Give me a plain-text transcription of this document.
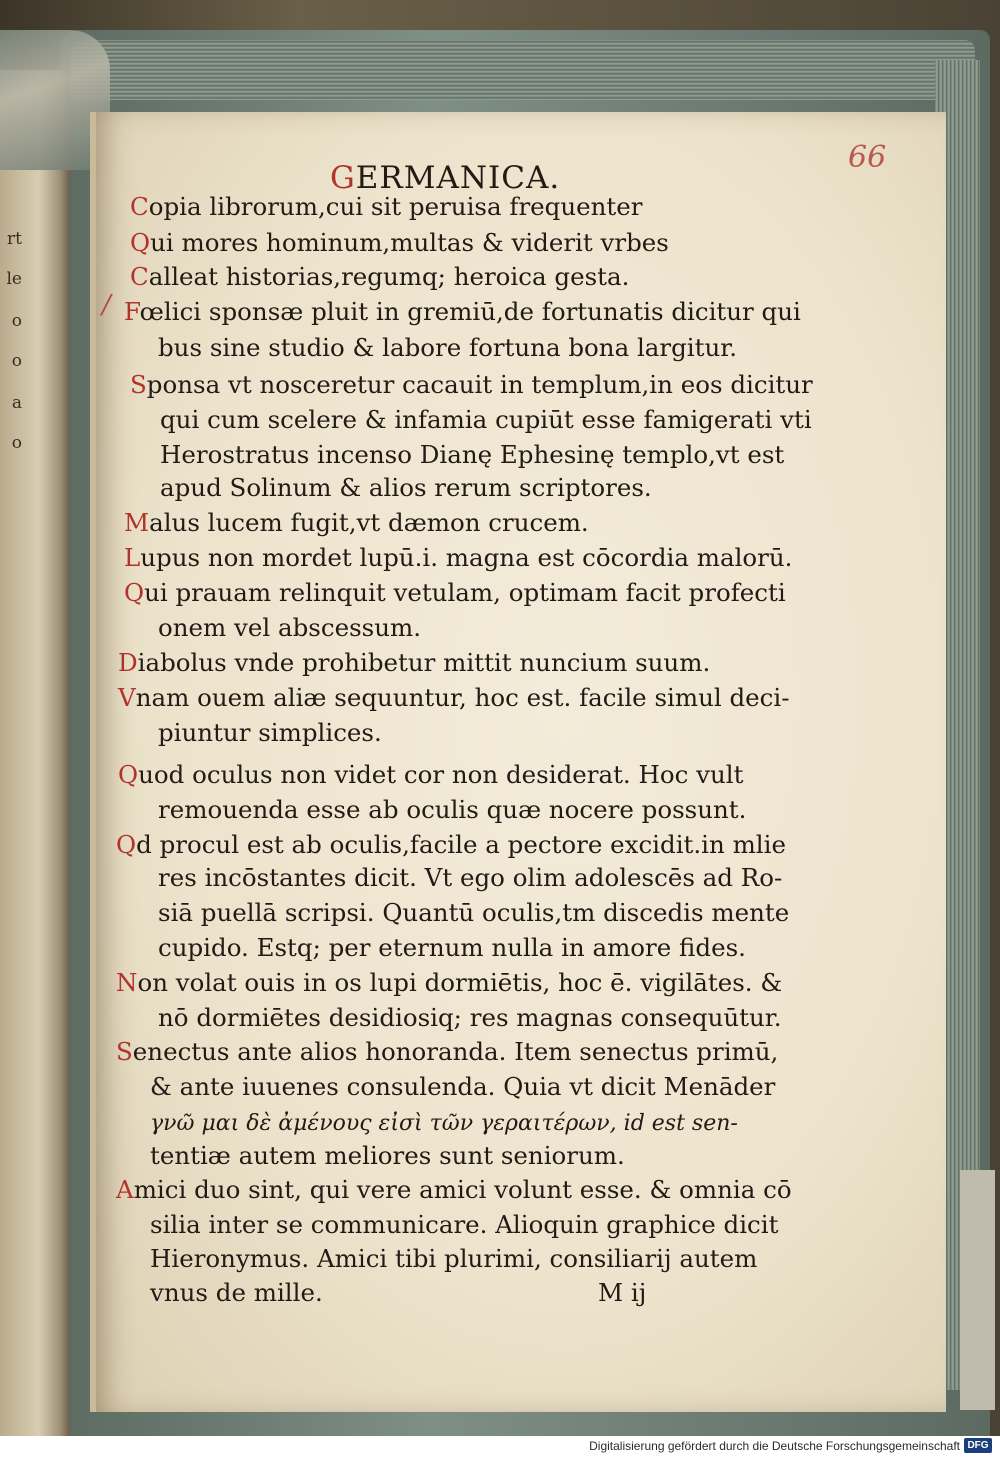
rt
le
o
o
a
o
66
GERMANICA.
/
Copia librorum,cui sit peruisa frequenter
Qui mores hominum,multas & viderit vrbes
Calleat historias,regumq; heroica gesta.
Fœlici sponsæ pluit in gremiū,de fortunatis dicitur qui
bus sine studio & labore fortuna bona largitur.
Sponsa vt nosceretur cacauit in templum,in eos dicitur
qui cum scelere & infamia cupiūt esse famigerati vti
Herostratus incenso Dianę Ephesinę templo,vt est
apud Solinum & alios rerum scriptores.
Malus lucem fugit,vt dæmon crucem.
Lupus non mordet lupū.i. magna est cōcordia malorū.
Qui prauam relinquit vetulam, optimam facit profecti
onem vel abscessum.
Diabolus vnde prohibetur mittit nuncium suum.
Vnam ouem aliæ sequuntur, hoc est. facile simul deci-
piuntur simplices.
Quod oculus non videt cor non desiderat. Hoc vult
remouenda esse ab oculis quæ nocere possunt.
Qd procul est ab oculis,facile a pectore excidit.in mlie
res incōstantes dicit. Vt ego olim adolescēs ad Ro-
siā puellā scripsi. Quantū oculis,tm discedis mente
cupido. Estq; per eternum nulla in amore fides.
Non volat ouis in os lupi dormiētis, hoc ē. vigilātes. &
nō dormiētes desidiosiq; res magnas consequūtur.
Senectus ante alios honoranda. Item senectus primū,
& ante iuuenes consulenda. Quia vt dicit Menāder
γνῶ μαι δὲ ἀμένους εἰσὶ τῶν γεραιτέρων, id est sen-
tentiæ autem meliores sunt seniorum.
Amici duo sint, qui vere amici volunt esse. & omnia cō
silia inter se communicare. Alioquin graphice dicit
Hieronymus. Amici tibi plurimi, consiliarij autem
vnus de mille.	M ij
Digitalisierung gefördert durch die Deutsche Forschungsgemeinschaft DFG
